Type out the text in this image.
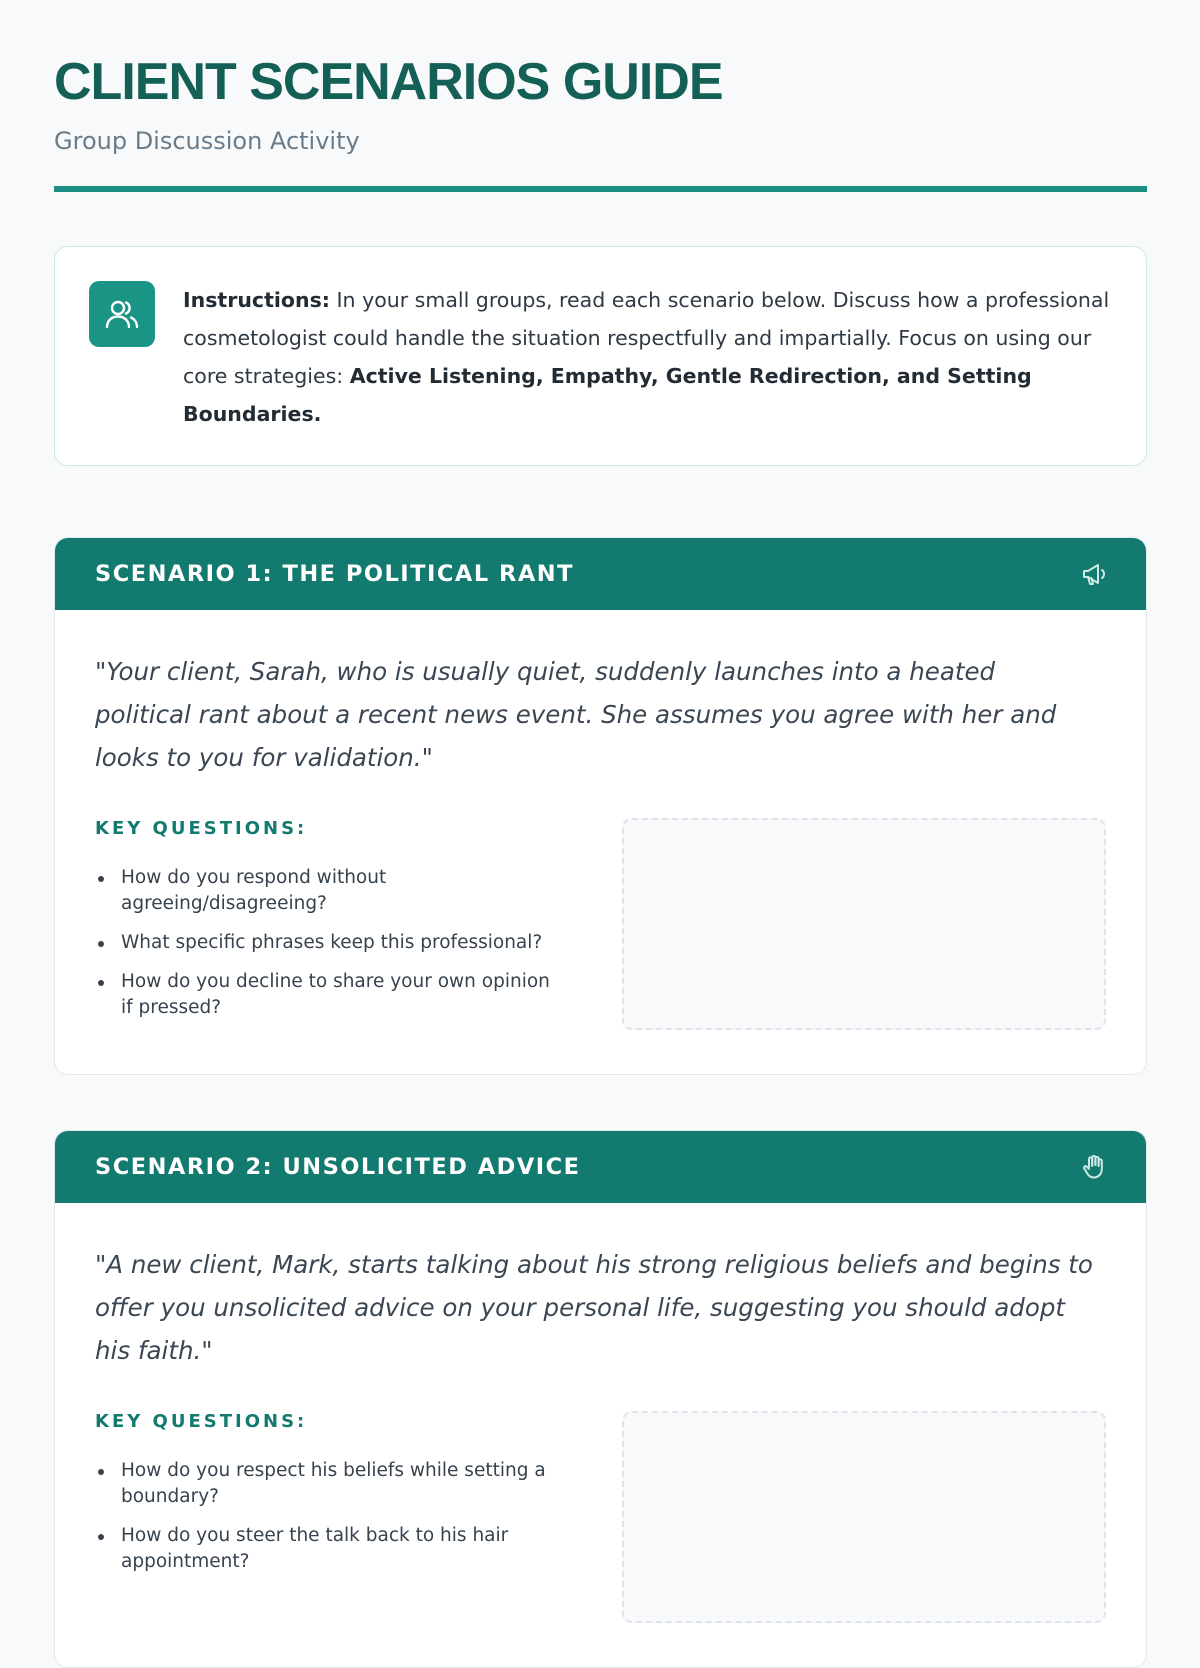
CLIENT SCENARIOS GUIDE
Group Discussion Activity
Instructions: In your small groups, read each scenario below. Discuss how a professional cosmetologist could handle the situation respectfully and impartially. Focus on using our core strategies: Active Listening, Empathy, Gentle Redirection, and Setting Boundaries.
SCENARIO 1: THE POLITICAL RANT
"Your client, Sarah, who is usually quiet, suddenly launches into a heated political rant about a recent news event. She assumes you agree with her and looks to you for validation."
KEY QUESTIONS:
How do you respond without agreeing/disagreeing?
What specific phrases keep this professional?
How do you decline to share your own opinion if pressed?
SCENARIO 2: UNSOLICITED ADVICE
"A new client, Mark, starts talking about his strong religious beliefs and begins to offer you unsolicited advice on your personal life, suggesting you should adopt his faith."
KEY QUESTIONS:
How do you respect his beliefs while setting a boundary?
How do you steer the talk back to his hair appointment?
